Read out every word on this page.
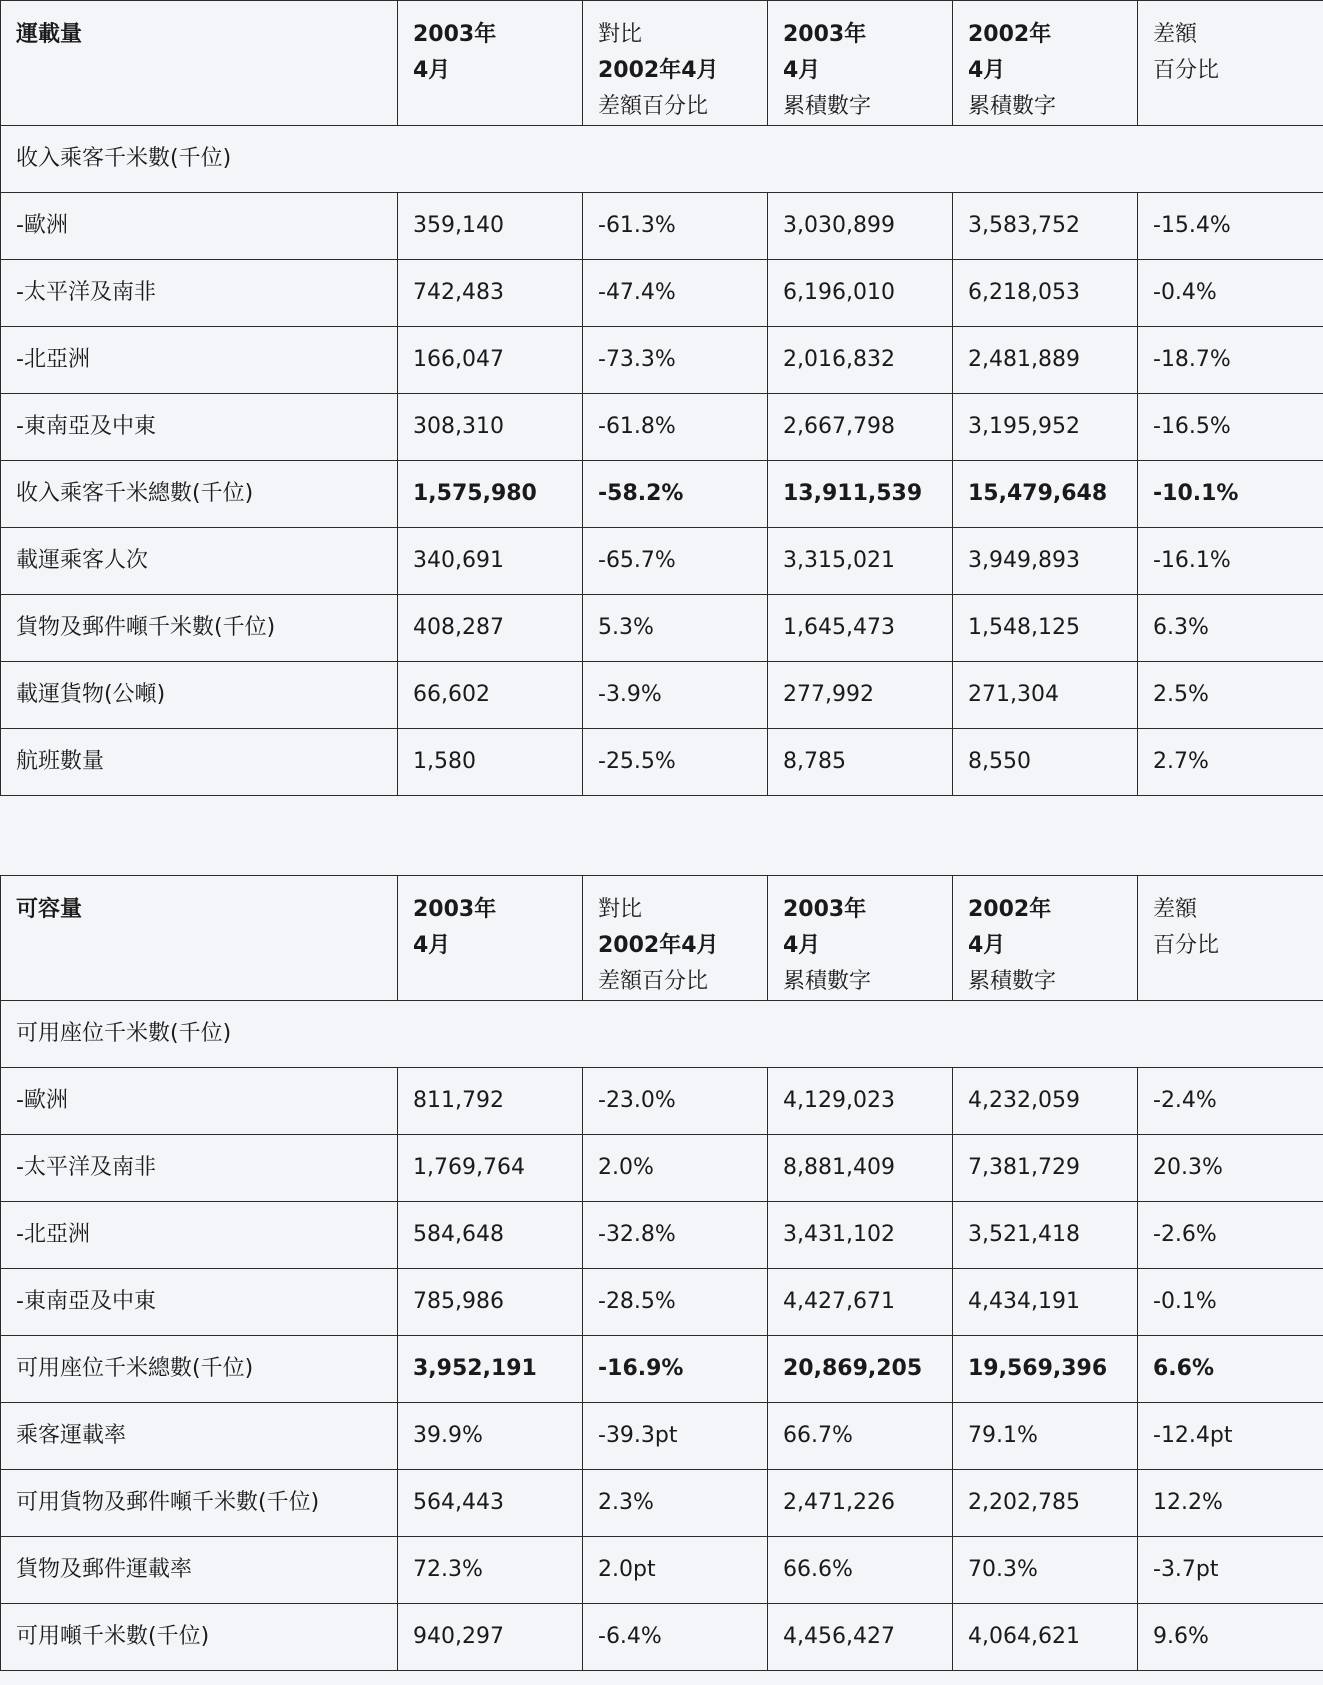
運載量	2003年
4月	對比
2002年4月
差額百分比	2003年
4月
累積數字	2002年
4月
累積數字	差額
百分比

收入乘客千米數(千位)					
-歐洲	359,140	-61.3%	3,030,899	3,583,752	-15.4%
-太平洋及南非	742,483	-47.4%	6,196,010	6,218,053	-0.4%
-北亞洲	166,047	-73.3%	2,016,832	2,481,889	-18.7%
-東南亞及中東	308,310	-61.8%	2,667,798	3,195,952	-16.5%
收入乘客千米總數(千位)	1,575,980	-58.2%	13,911,539	15,479,648	-10.1%
載運乘客人次	340,691	-65.7%	3,315,021	3,949,893	-16.1%
貨物及郵件噸千米數(千位)	408,287	5.3%	1,645,473	1,548,125	6.3%
載運貨物(公噸)	66,602	-3.9%	277,992	271,304	2.5%
航班數量	1,580	-25.5%	8,785	8,550	2.7%
可容量	2003年
4月	對比
2002年4月
差額百分比	2003年
4月
累積數字	2002年
4月
累積數字	差額
百分比

可用座位千米數(千位)					
-歐洲	811,792	-23.0%	4,129,023	4,232,059	-2.4%
-太平洋及南非	1,769,764	2.0%	8,881,409	7,381,729	20.3%
-北亞洲	584,648	-32.8%	3,431,102	3,521,418	-2.6%
-東南亞及中東	785,986	-28.5%	4,427,671	4,434,191	-0.1%
可用座位千米總數(千位)	3,952,191	-16.9%	20,869,205	19,569,396	6.6%
乘客運載率	39.9%	-39.3pt	66.7%	79.1%	-12.4pt
可用貨物及郵件噸千米數(千位)	564,443	2.3%	2,471,226	2,202,785	12.2%
貨物及郵件運載率	72.3%	2.0pt	66.6%	70.3%	-3.7pt
可用噸千米數(千位)	940,297	-6.4%	4,456,427	4,064,621	9.6%
